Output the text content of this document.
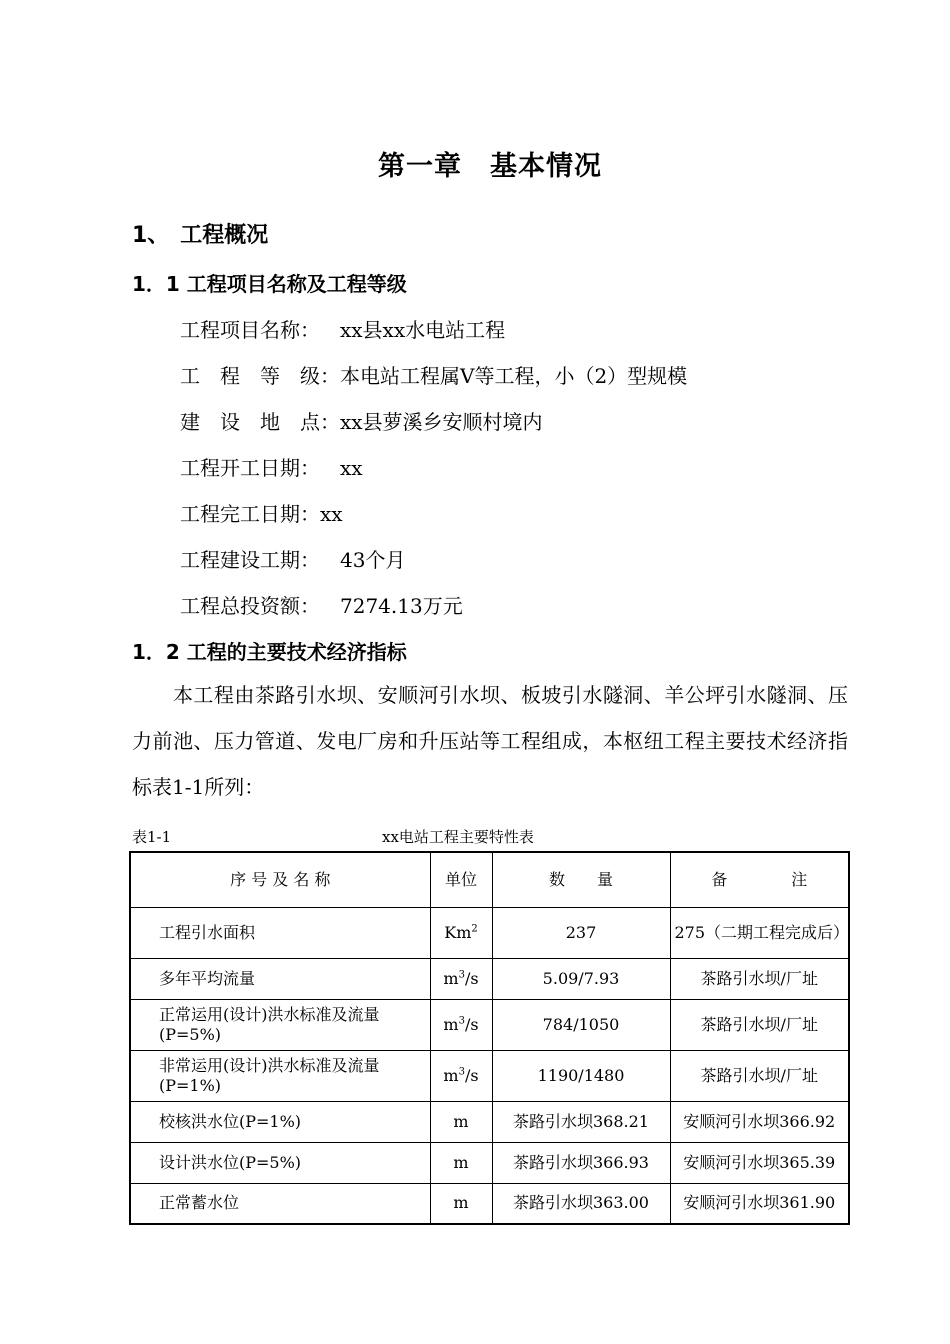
第一章　基本情况
1、　工程概况
1．1 工程项目名称及工程等级
工程项目名称： xx县xx水电站工程
工　程　等　级：本电站工程属Ⅴ等工程，小（2）型规模
建　设　地　点：xx县萝溪乡安顺村境内
工程开工日期： xx
工程完工日期：xx
工程建设工期： 43个月
工程总投资额： 7274.13万元
1．2 工程的主要技术经济指标
　　本工程由茶路引水坝、安顺河引水坝、板坡引水隧洞、羊公坪引水隧洞、压力前池、压力管道、发电厂房和升压站等工程组成，本枢纽工程主要技术经济指标表1-1所列：
表1-1	xx电站工程主要特性表
序 号 及 名 称	单位	数　　量	备　　　　注
工程引水面积	Km$^2$	237	275（二期工程完成后）
多年平均流量	$m^3/s$	5.09/7.93	茶路引水坝/厂址
正常运用(设计)洪水标准及流量(P=5%)	$m^3/s$	784/1050	茶路引水坝/厂址
非常运用(设计)洪水标准及流量(P=1%)	$m^3/s$	1190/1480	茶路引水坝/厂址
校核洪水位(P=1%)	m	茶路引水坝368.21	安顺河引水坝366.92
设计洪水位(P=5%)	m	茶路引水坝366.93	安顺河引水坝365.39
正常蓄水位	m	茶路引水坝363.00	安顺河引水坝361.90
